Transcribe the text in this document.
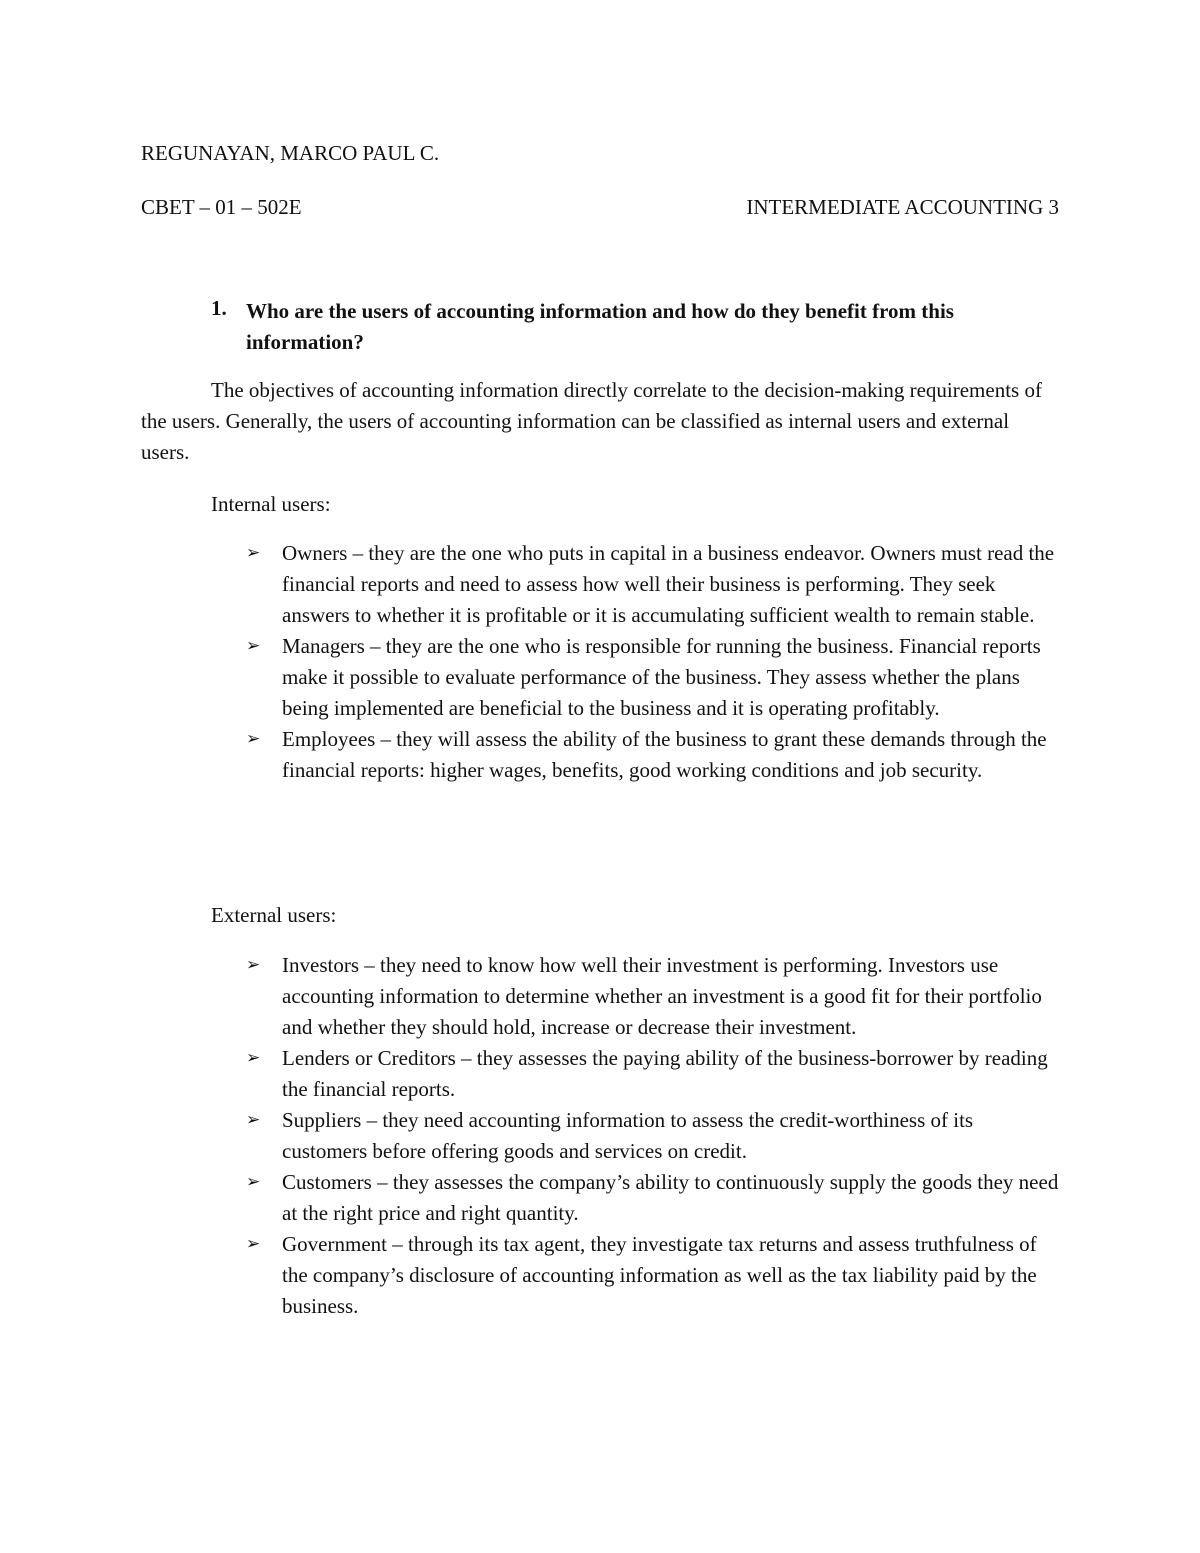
REGUNAYAN, MARCO PAUL C.
CBET – 01 – 502E	INTERMEDIATE ACCOUNTING 3
1. Who are the users of accounting information and how do they benefit from this information?

The objectives of accounting information directly correlate to the decision-making requirements of the users. Generally, the users of accounting information can be classified as internal users and external users.

Internal users:
➢ Owners – they are the one who puts in capital in a business endeavor. Owners must read the financial reports and need to assess how well their business is performing. They seek answers to whether it is profitable or it is accumulating sufficient wealth to remain stable.
➢ Managers – they are the one who is responsible for running the business. Financial reports make it possible to evaluate performance of the business. They assess whether the plans being implemented are beneficial to the business and it is operating profitably.
➢ Employees – they will assess the ability of the business to grant these demands through the financial reports: higher wages, benefits, good working conditions and job security.
External users:
➢ Investors – they need to know how well their investment is performing. Investors use accounting information to determine whether an investment is a good fit for their portfolio and whether they should hold, increase or decrease their investment.
➢ Lenders or Creditors – they assesses the paying ability of the business-borrower by reading the financial reports.
➢ Suppliers – they need accounting information to assess the credit-worthiness of its customers before offering goods and services on credit.
➢ Customers – they assesses the company’s ability to continuously supply the goods they need at the right price and right quantity.
➢ Government – through its tax agent, they investigate tax returns and assess truthfulness of the company’s disclosure of accounting information as well as the tax liability paid by the business.
